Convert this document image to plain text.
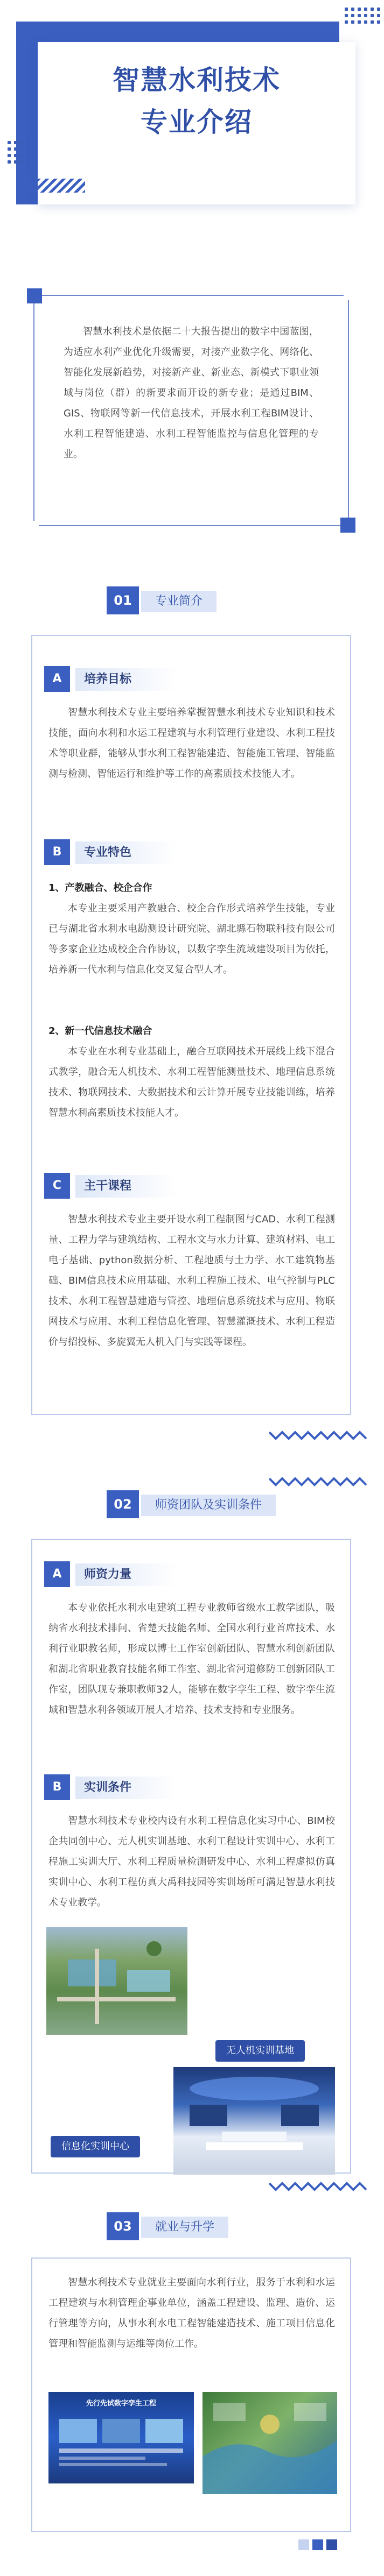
智慧水利技术
专业介绍

智慧水利技术是依据二十大报告提出的数字中国蓝图，为适应水利产业优化升级需要，对接产业数字化、网络化、智能化发展新趋势，对接新产业、新业态、新模式下职业领域与岗位（群）的新要求而开设的新专业；是通过BIM、GIS、物联网等新一代信息技术，开展水利工程BIM设计、水利工程智能建造、水利工程智能监控与信息化管理的专业。

01	专业简介
A	培养目标

智慧水利技术专业主要培养掌握智慧水利技术专业知识和技术技能，面向水利和水运工程建筑与水利管理行业建设、水利工程技术等职业群，能够从事水利工程智能建造、智能施工管理、智能监测与检测、智能运行和维护等工作的高素质技术技能人才。

B	专业特色

1、产教融合、校企合作

本专业主要采用产教融合、校企合作形式培养学生技能，专业已与湖北省水利水电勘测设计研究院、湖北縣石物联科技有限公司等多家企业达成校企合作协议，以数字孪生流域建设项目为依托，培养新一代水利与信息化交叉复合型人才。

2、新一代信息技术融合

本专业在水利专业基础上，融合互联网技术开展线上线下混合式教学，融合无人机技术、水利工程智能测量技术、地理信息系统技术、物联网技术、大数据技术和云计算开展专业技能训练，培养智慧水利高素质技术技能人才。

C	主干课程

智慧水利技术专业主要开设水利工程制图与CAD、水利工程测量、工程力学与建筑结构、工程水文与水力计算、建筑材料、电工电子基础、python数据分析、工程地质与土力学、水工建筑物基础、BIM信息技术应用基础、水利工程施工技术、电气控制与PLC技术、水利工程智慧建造与管控、地理信息系统技术与应用、物联网技术与应用、水利工程信息化管理、智慧灌溉技术、水利工程造价与招投标、多旋翼无人机入门与实践等课程。

02	师资团队及实训条件
A	师资力量

本专业依托水利水电建筑工程专业教师省级水工教学团队，吸纳省水利技术排问、省楚天技能名师、全国水利行业首席技术、水利行业职教名师，形成以博士工作室创新团队、智慧水利创新团队和湖北省职业教育技能名师工作室、湖北省河道修防工创新团队工作室，团队现专兼职教师32人，能够在数字孪生工程、数字孪生流域和智慧水利各领域开展人才培养、技术支持和专业服务。

B	实训条件

智慧水利技术专业校内设有水利工程信息化实习中心、BIM校企共同创中心、无人机实训基地、水利工程设计实训中心、水利工程施工实训大厅、水利工程质量检测研发中心、水利工程虚拟仿真实训中心、水利工程仿真大禹科技园等实训场所可满足智慧水利技术专业教学。

无人机实训基地
信息化实训中心
03	就业与升学

智慧水利技术专业就业主要面向水利行业，服务于水利和水运工程建筑与水利管理企事业单位，涵盖工程建设、监理、造价、运行管理等方向，从事水利水电工程智能建造技术、施工项目信息化管理和智能监测与运维等岗位工作。

先行先试数字孪生工程
